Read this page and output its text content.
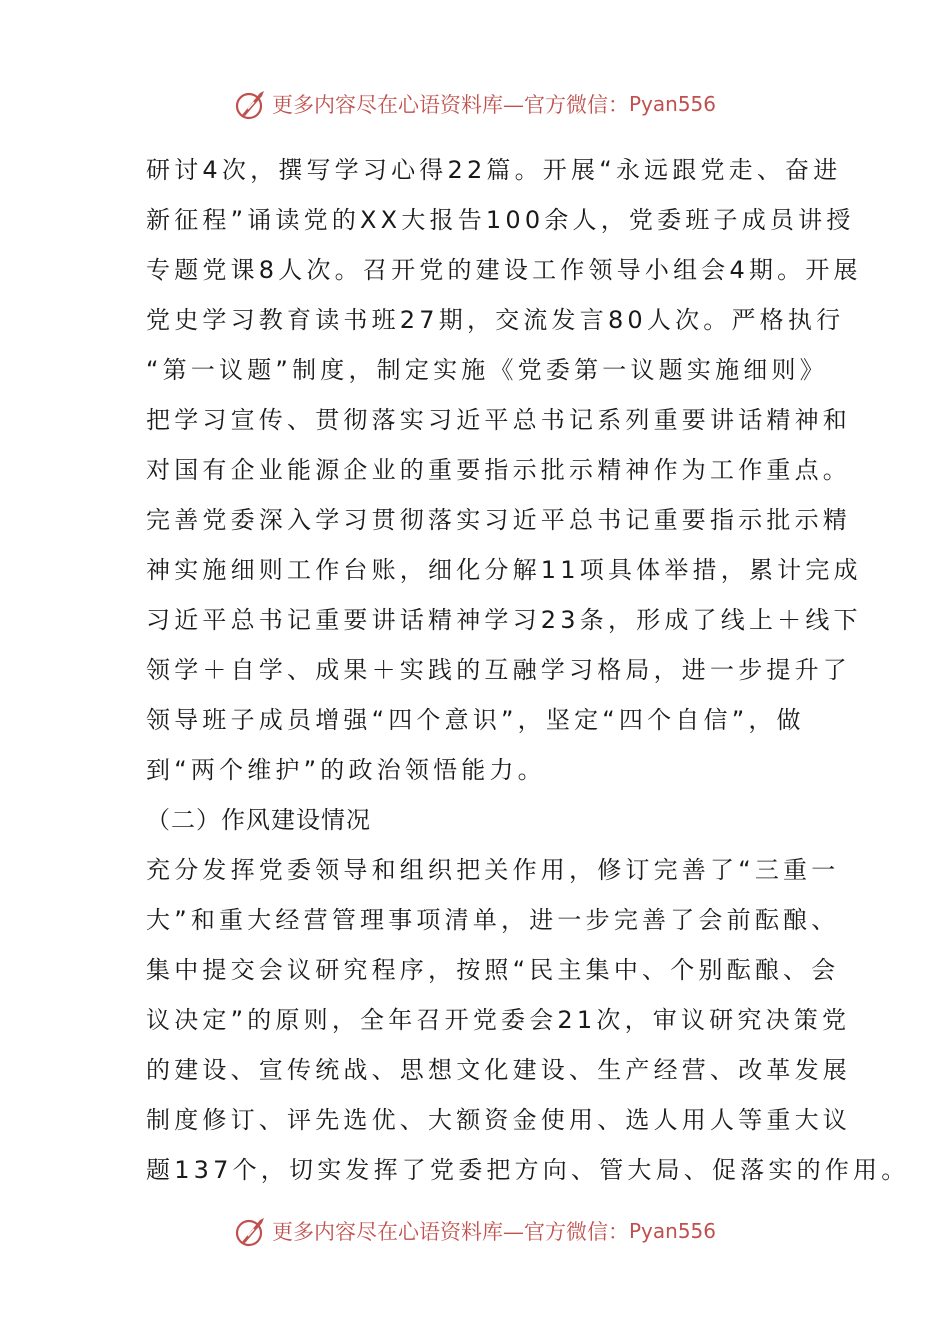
更多内容尽在心语资料库—官方微信： Pyan556
研讨4次，撰写学习心得22篇。开展“永远跟党走、奋进
新征程”诵读党的XX大报告100余人，党委班子成员讲授
专题党课8人次。召开党的建设工作领导小组会4期。开展
党史学习教育读书班27期，交流发言80人次。严格执行
“第一议题”制度，制定实施《党委第一议题实施细则》
把学习宣传、贯彻落实习近平总书记系列重要讲话精神和
对国有企业能源企业的重要指示批示精神作为工作重点。
完善党委深入学习贯彻落实习近平总书记重要指示批示精
神实施细则工作台账，细化分解11项具体举措，累计完成
习近平总书记重要讲话精神学习23条，形成了线上＋线下
领学＋自学、成果＋实践的互融学习格局，进一步提升了
领导班子成员增强“四个意识”，坚定“四个自信”，做
到“两个维护”的政治领悟能力。
（二）作风建设情况
充分发挥党委领导和组织把关作用，修订完善了“三重一
大”和重大经营管理事项清单，进一步完善了会前酝酿、
集中提交会议研究程序，按照“民主集中、个别酝酿、会
议决定”的原则，全年召开党委会21次，审议研究决策党
的建设、宣传统战、思想文化建设、生产经营、改革发展
制度修订、评先选优、大额资金使用、选人用人等重大议
题137个，切实发挥了党委把方向、管大局、促落实的作用。
更多内容尽在心语资料库—官方微信： Pyan556
